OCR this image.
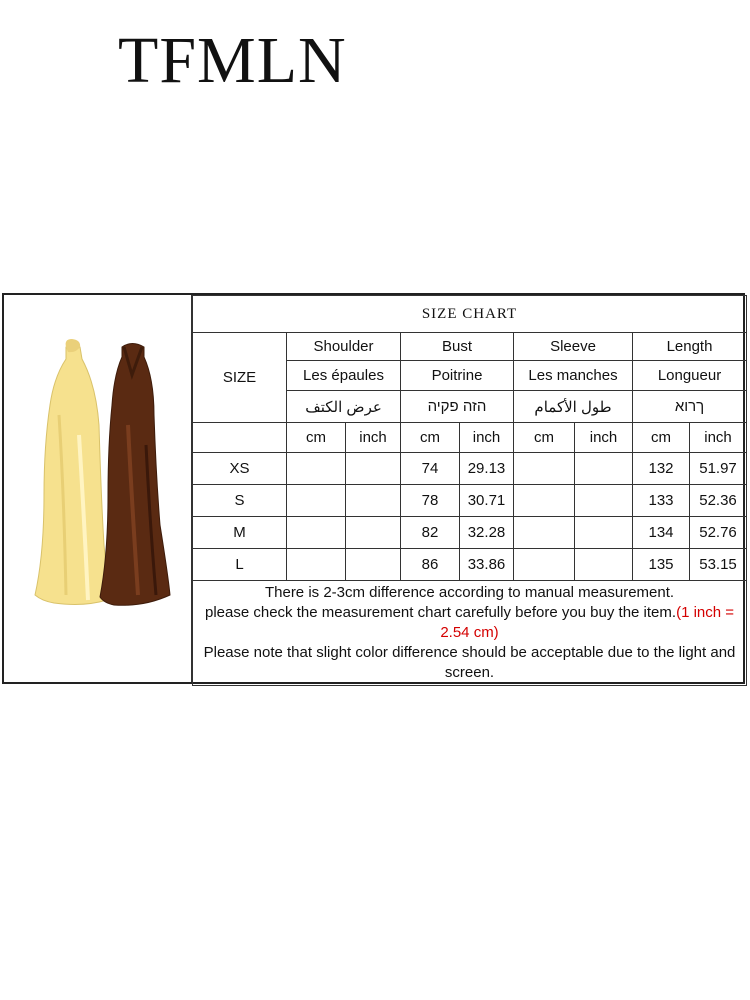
TFMLN
SIZE CHART								
SIZE	Shoulder		Bust		Sleeve		Length	
	Les épaules		Poitrine		Les manches		Longueur	
	عرض الكتف		הזה פקיה		طول الأكمام		ךרוא	
	cm	inch	cm	inch	cm	inch	cm	inch
XS			74	29.13			132	51.97
S			78	30.71			133	52.36
M			82	32.28			134	52.76
L			86	33.86			135	53.15

There is 2-3cm difference according to manual measurement.
please check the measurement chart carefully before you buy the item.(1 inch = 2.54 cm)
Please note that slight color difference should be acceptable due to the light and screen.								
